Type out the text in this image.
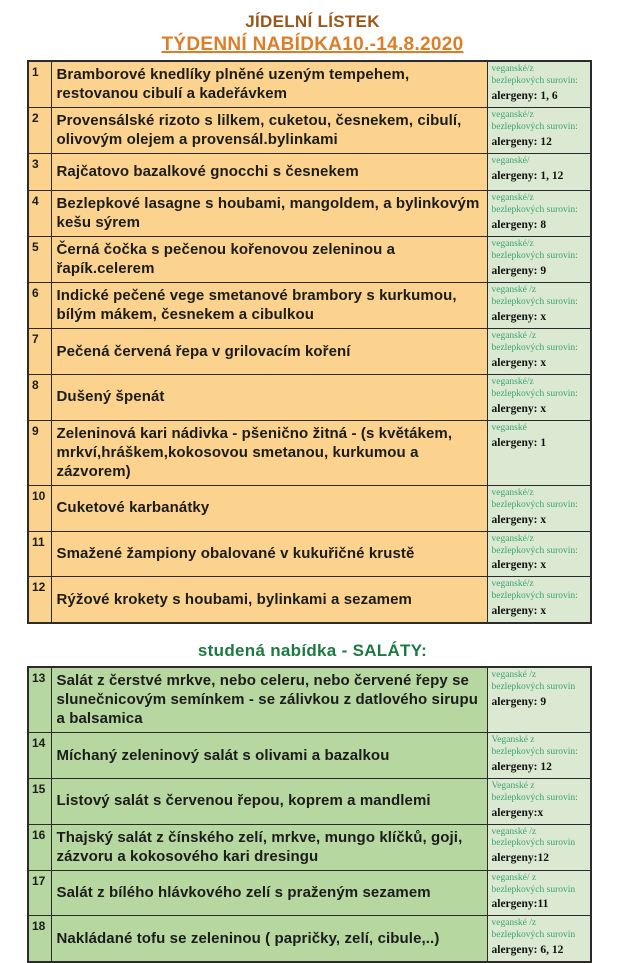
JÍDELNÍ LÍSTEK
TÝDENNÍ NABÍDKA10.-14.8.2020
1	Bramborové knedlíky plněné uzeným tempehem, restovanou cibulí a kadeřávkem	veganské/z bezlepkových surovin:
alergeny: 1, 6

2	Provensálské rizoto s lilkem, cuketou, česnekem, cibulí, olivovým olejem a provensál.bylinkami	veganské/z bezlepkových surovin:
alergeny: 12

3	Rajčatovo bazalkové gnocchi s česnekem	veganské/
alergeny: 1, 12

4	Bezlepkové lasagne s houbami, mangoldem, a bylinkovým kešu sýrem	veganské/z bezlepkových surovin:
alergeny: 8

5	Černá čočka s pečenou kořenovou zeleninou a řapík.celerem	veganské/z bezlepkových surovin:
alergeny: 9

6	Indické pečené vege smetanové brambory s kurkumou, bílým mákem, česnekem a cibulkou	veganské /z bezlepkových surovin:
alergeny: x

7	Pečená červená řepa v grilovacím koření	veganské /z bezlepkových surovin:
alergeny: x

8	Dušený špenát	veganské/z bezlepkových surovin:
alergeny: x

9	Zeleninová kari nádivka - pšenično žitná - (s květákem, mrkví,hráškem,kokosovou smetanou, kurkumou a zázvorem)	veganské
alergeny: 1

10	Cuketové karbanátky	veganské/z bezlepkových surovin:
alergeny: x

11	Smažené žampiony obalované v kukuřičné krustě	veganské/z bezlepkových surovin:
alergeny: x

12	Rýžové krokety s houbami, bylinkami a sezamem	veganské/z bezlepkových surovin:
alergeny: x
studená nabídka - SALÁTY:
13	Salát z čerstvé mrkve, nebo celeru, nebo červené řepy se slunečnicovým semínkem - se zálivkou z datlového sirupu a balsamica	veganské /z bezlepkových surovin
alergeny: 9

14	Míchaný zeleninový salát s olivami a bazalkou	Veganské z bezlepkových surovin:
alergeny: 12

15	Listový salát s červenou řepou, koprem a mandlemi	Veganské z bezlepkových surovin:
alergeny:x

16	Thajský salát z čínského zelí, mrkve, mungo klíčků, goji, zázvoru a kokosového kari dresingu	veganské /z bezlepkových surovin
alergeny:12

17	Salát z bílého hlávkového zelí s praženým sezamem	veganské/ z bezlepkových surovin
alergeny:11

18	Nakládané tofu se zeleninou ( papričky, zelí, cibule,..)	veganské /z bezlepkových surovin
alergeny: 6, 12
